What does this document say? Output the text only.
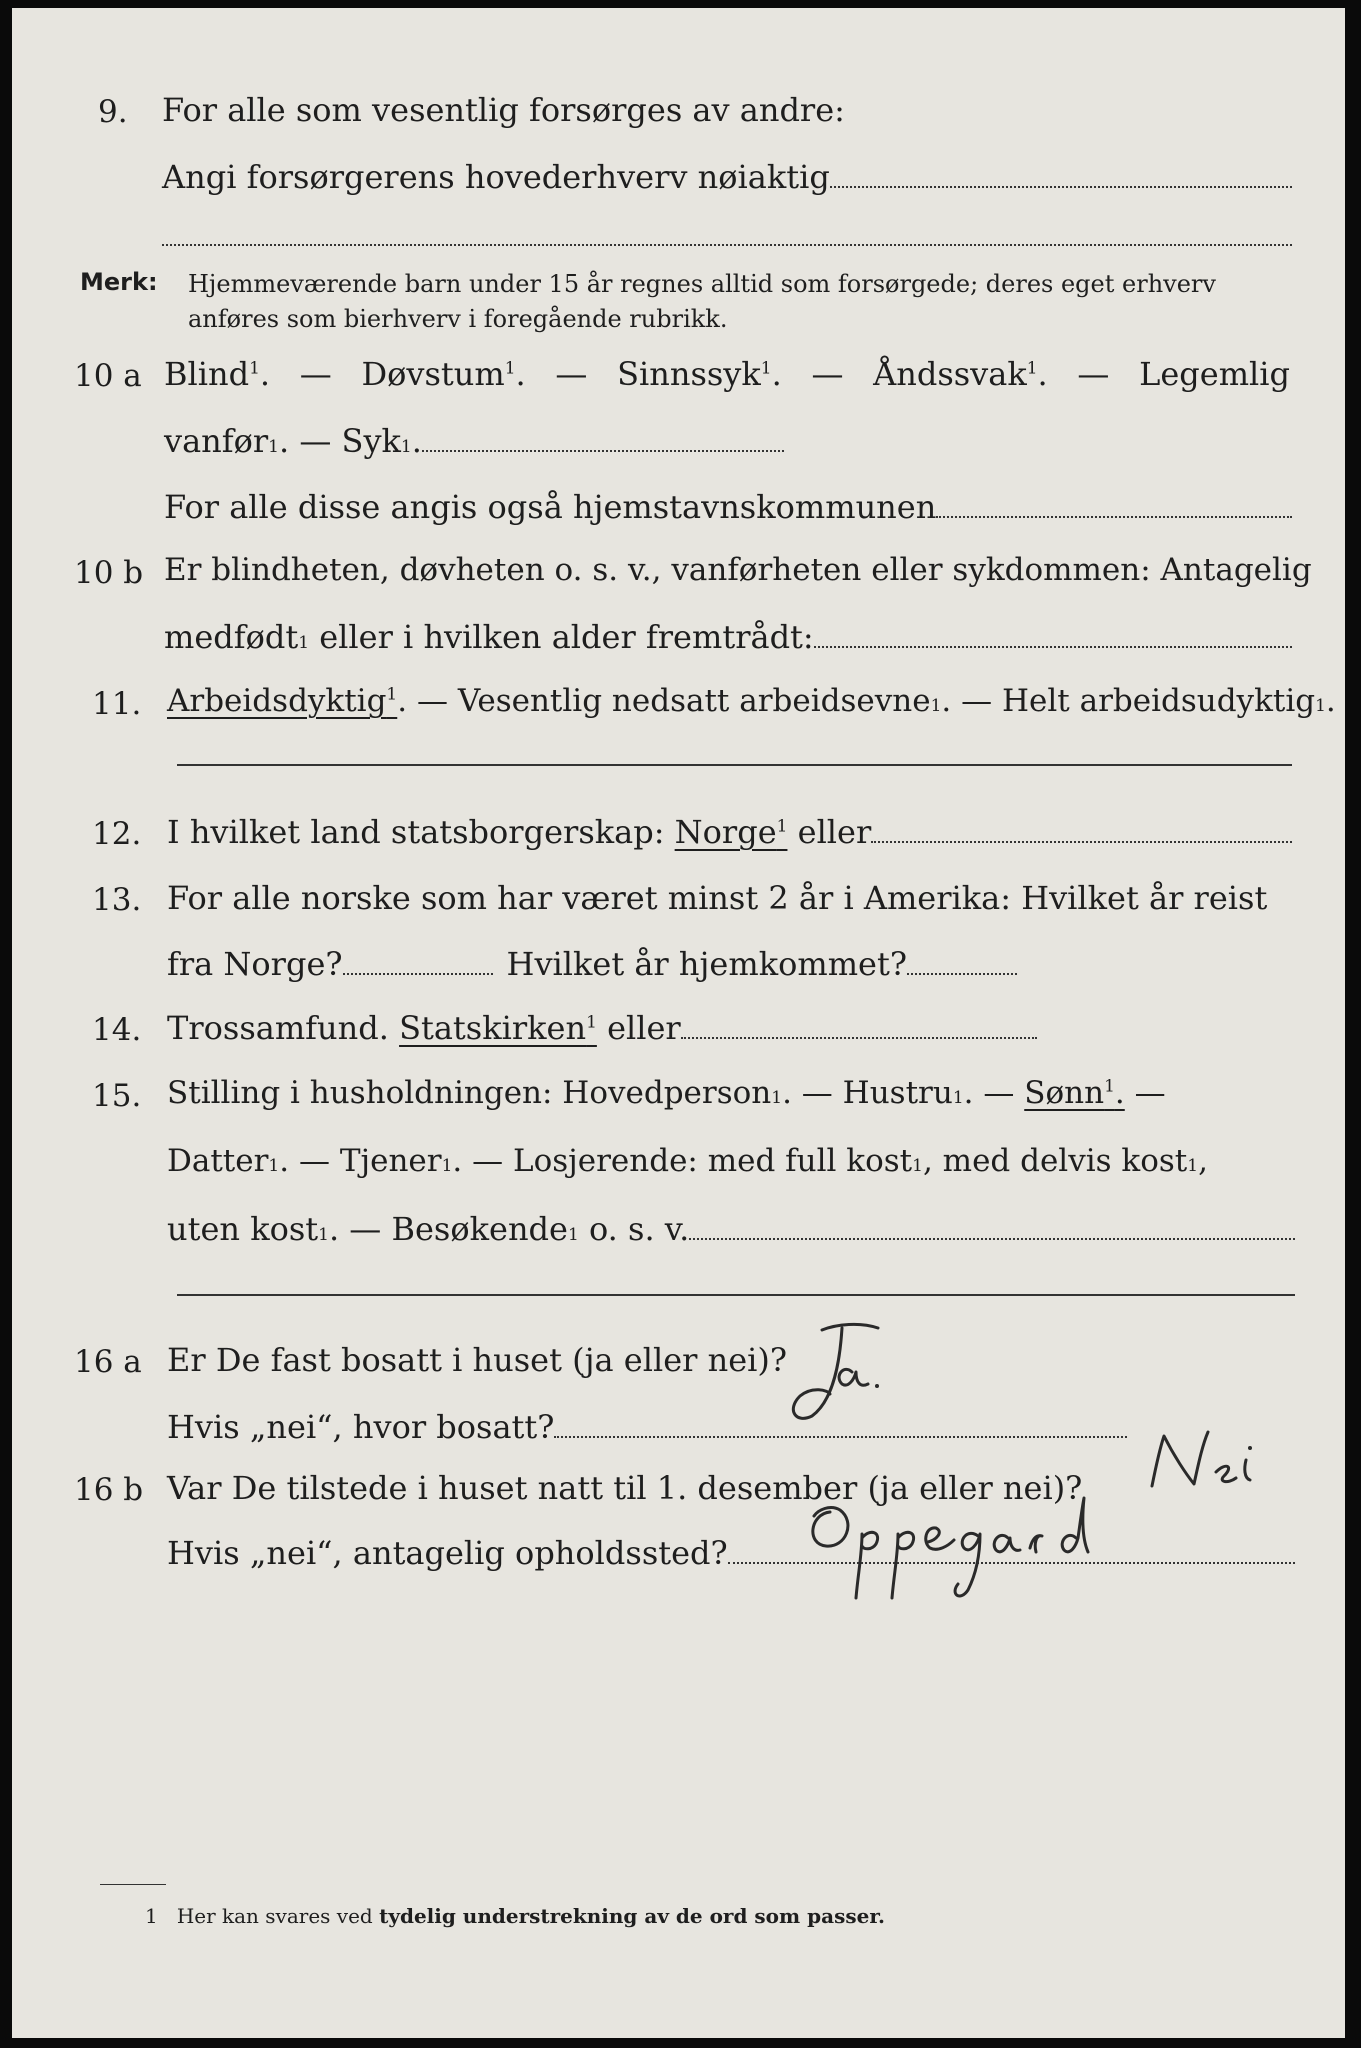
9. For alle som vesentlig forsørges av andre:
Angi forsørgerens hovederhverv nøiaktig
Merk: Hjemmeværende barn under 15 år regnes alltid som forsørgede; deres eget erhverv
anføres som bierhverv i foregående rubrikk.
10 a Blind$^1$. — Døvstum$^1$. — Sinnssyk$^1$. — Åndssvak$^1$. — Legemlig
vanfør 1 . — Syk 1 .
For alle disse angis også hjemstavnskommunen
10 b Er blindheten, døvheten o. s. v., vanførheten eller sykdommen: Antagelig
medfødt 1 eller i hvilken alder fremtrådt:
11. Arbeidsdyktig$^1$ . — Vesentlig nedsatt arbeidsevne 1 . — Helt arbeidsudyktig 1 .
12. I hvilket land statsborgerskap: Norge$^1$ eller
13. For alle norske som har været minst 2 år i Amerika: Hvilket år reist
fra Norge?	Hvilket år hjemkommet?
14. Trossamfund. Statskirken$^1$ eller
15. Stilling i husholdningen: Hovedperson 1 . — Hustru 1 . — Sønn$^1$. —
Datter 1 . — Tjener 1 . — Losjerende: med full kost 1 , med delvis kost 1 ,
uten kost 1 . — Besøkende 1 o. s. v.
16 a Er De fast bosatt i huset (ja eller nei)?
Hvis „nei“, hvor bosatt?
Ja.
16 b Var De tilstede i huset natt til 1. desember (ja eller nei)?
Hvis „nei“, antagelig opholdssted?
Nei
Oppegard
1 Her kan svares ved tydelig understrekning av de ord som passer.
